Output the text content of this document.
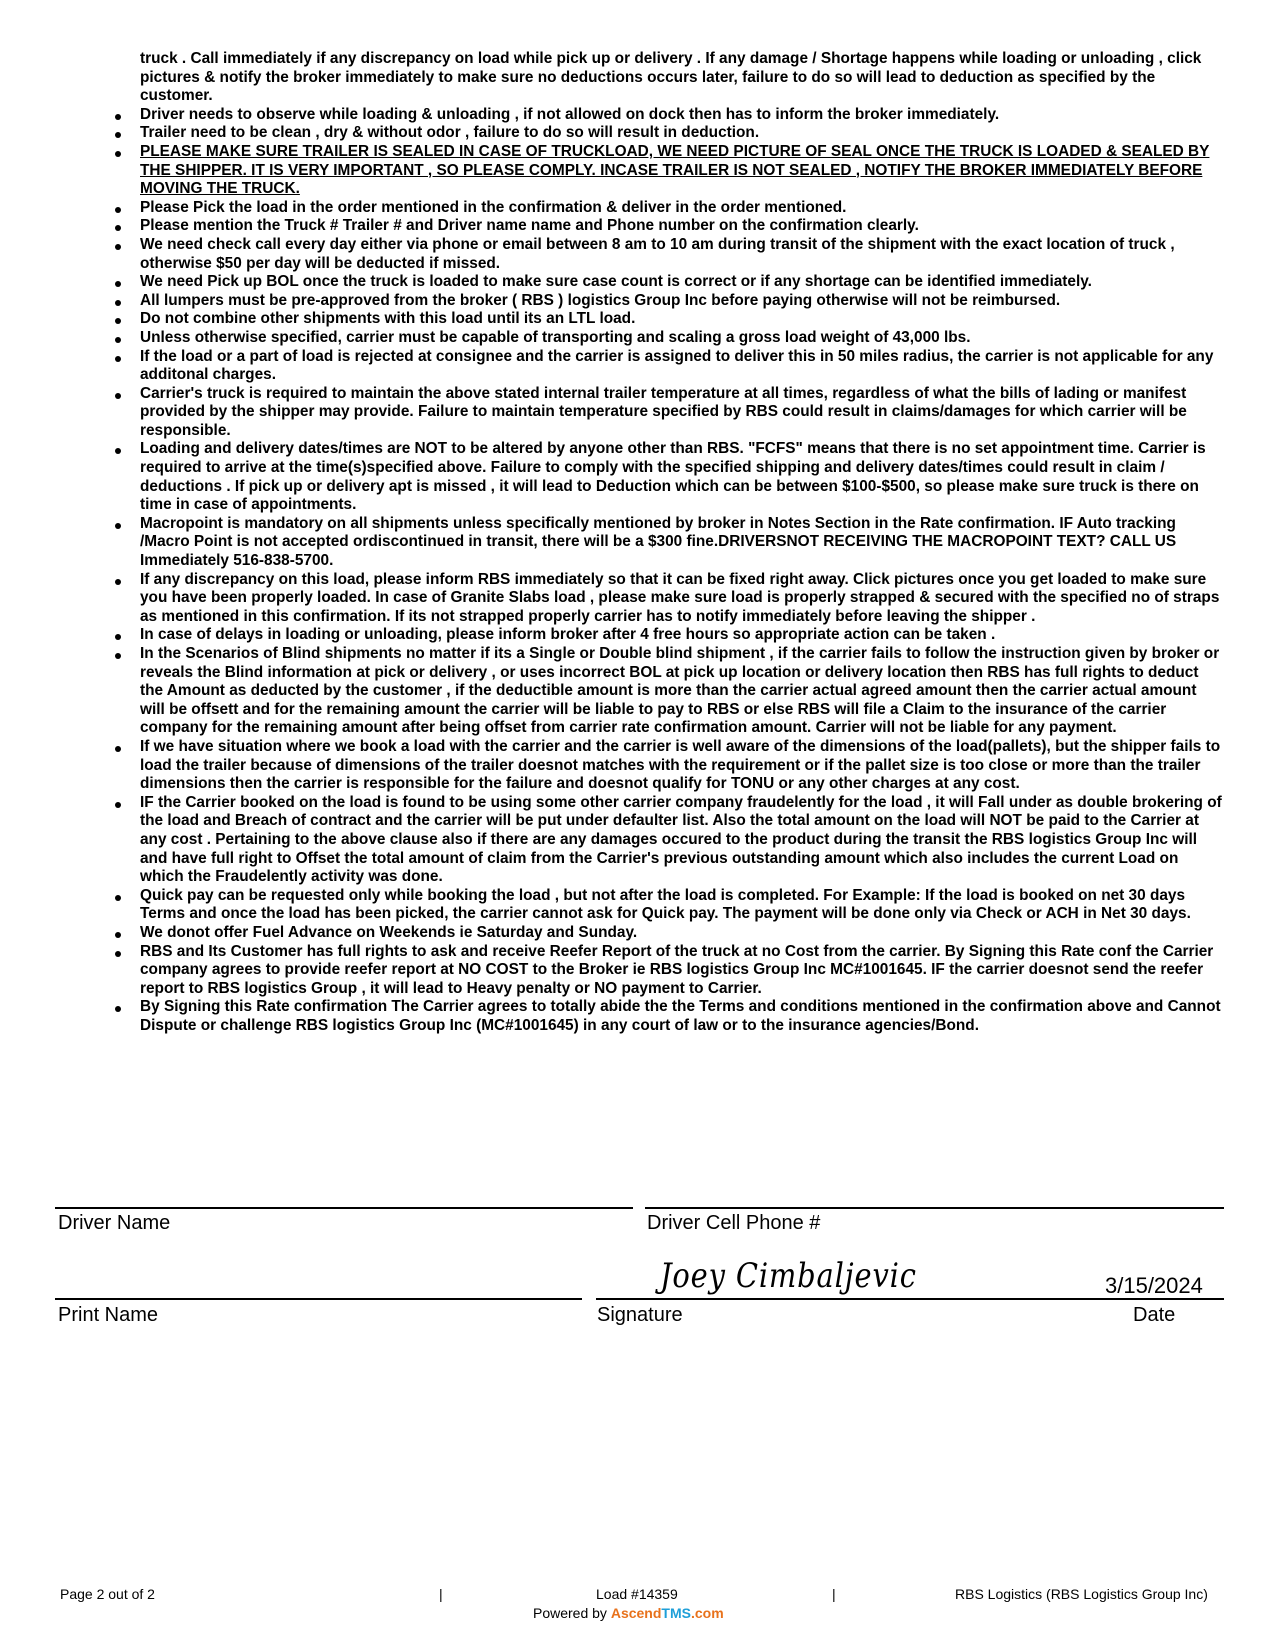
truck . Call immediately if any discrepancy on load while pick up or delivery . If any damage / Shortage happens while loading or unloading , click pictures & notify the broker immediately to make sure no deductions occurs later, failure to do so will lead to deduction as specified by the customer.

Driver needs to observe while loading & unloading , if not allowed on dock then has to inform the broker immediately.
Trailer need to be clean , dry & without odor , failure to do so will result in deduction.
PLEASE MAKE SURE TRAILER IS SEALED IN CASE OF TRUCKLOAD, WE NEED PICTURE OF SEAL ONCE THE TRUCK IS LOADED & SEALED BY THE SHIPPER. IT IS VERY IMPORTANT , SO PLEASE COMPLY. INCASE TRAILER IS NOT SEALED , NOTIFY THE BROKER IMMEDIATELY BEFORE MOVING THE TRUCK.
Please Pick the load in the order mentioned in the confirmation & deliver in the order mentioned.
Please mention the Truck # Trailer # and Driver name name and Phone number on the confirmation clearly.
We need check call every day either via phone or email between 8 am to 10 am during transit of the shipment with the exact location of truck , otherwise $50 per day will be deducted if missed.
We need Pick up BOL once the truck is loaded to make sure case count is correct or if any shortage can be identified immediately.
All lumpers must be pre-approved from the broker ( RBS ) logistics Group Inc before paying otherwise will not be reimbursed.
Do not combine other shipments with this load until its an LTL load.
Unless otherwise specified, carrier must be capable of transporting and scaling a gross load weight of 43,000 lbs.
If the load or a part of load is rejected at consignee and the carrier is assigned to deliver this in 50 miles radius, the carrier is not applicable for any additonal charges.
Carrier's truck is required to maintain the above stated internal trailer temperature at all times, regardless of what the bills of lading or manifest provided by the shipper may provide. Failure to maintain temperature specified by RBS could result in claims/damages for which carrier will be responsible.
Loading and delivery dates/times are NOT to be altered by anyone other than RBS. "FCFS" means that there is no set appointment time. Carrier is required to arrive at the time(s)specified above. Failure to comply with the specified shipping and delivery dates/times could result in claim / deductions . If pick up or delivery apt is missed , it will lead to Deduction which can be between $100-$500, so please make sure truck is there on time in case of appointments.
Macropoint is mandatory on all shipments unless specifically mentioned by broker in Notes Section in the Rate confirmation. IF Auto tracking /Macro Point is not accepted ordiscontinued in transit, there will be a $300 fine.DRIVERSNOT RECEIVING THE MACROPOINT TEXT? CALL US Immediately 516-838-5700.
If any discrepancy on this load, please inform RBS immediately so that it can be fixed right away. Click pictures once you get loaded to make sure you have been properly loaded. In case of Granite Slabs load , please make sure load is properly strapped & secured with the specified no of straps as mentioned in this confirmation. If its not strapped properly carrier has to notify immediately before leaving the shipper .
In case of delays in loading or unloading, please inform broker after 4 free hours so appropriate action can be taken .
In the Scenarios of Blind shipments no matter if its a Single or Double blind shipment , if the carrier fails to follow the instruction given by broker or reveals the Blind information at pick or delivery , or uses incorrect BOL at pick up location or delivery location then RBS has full rights to deduct the Amount as deducted by the customer , if the deductible amount is more than the carrier actual agreed amount then the carrier actual amount will be offsett and for the remaining amount the carrier will be liable to pay to RBS or else RBS will file a Claim to the insurance of the carrier company for the remaining amount after being offset from carrier rate confirmation amount. Carrier will not be liable for any payment.
If we have situation where we book a load with the carrier and the carrier is well aware of the dimensions of the load(pallets), but the shipper fails to load the trailer because of dimensions of the trailer doesnot matches with the requirement or if the pallet size is too close or more than the trailer dimensions then the carrier is responsible for the failure and doesnot qualify for TONU or any other charges at any cost.
IF the Carrier booked on the load is found to be using some other carrier company fraudelently for the load , it will Fall under as double brokering of the load and Breach of contract and the carrier will be put under defaulter list. Also the total amount on the load will NOT be paid to the Carrier at any cost . Pertaining to the above clause also if there are any damages occured to the product during the transit the RBS logistics Group Inc will and have full right to Offset the total amount of claim from the Carrier's previous outstanding amount which also includes the current Load on which the Fraudelently activity was done.
Quick pay can be requested only while booking the load , but not after the load is completed. For Example: If the load is booked on net 30 days Terms and once the load has been picked, the carrier cannot ask for Quick pay. The payment will be done only via Check or ACH in Net 30 days.
We donot offer Fuel Advance on Weekends ie Saturday and Sunday.
RBS and Its Customer has full rights to ask and receive Reefer Report of the truck at no Cost from the carrier. By Signing this Rate conf the Carrier company agrees to provide reefer report at NO COST to the Broker ie RBS logistics Group Inc MC#1001645. IF the carrier doesnot send the reefer report to RBS logistics Group , it will lead to Heavy penalty or NO payment to Carrier.
By Signing this Rate confirmation The Carrier agrees to totally abide the the Terms and conditions mentioned in the confirmation above and Cannot Dispute or challenge RBS logistics Group Inc (MC#1001645) in any court of law or to the insurance agencies/Bond.
Driver Name	Driver Cell Phone #
Joey Cimbaljevic	3/15/2024
Print Name	Signature	Date
Page 2 out of 2	|	Load #14359	|	RBS Logistics (RBS Logistics Group Inc)
Powered by AscendTMS.com
